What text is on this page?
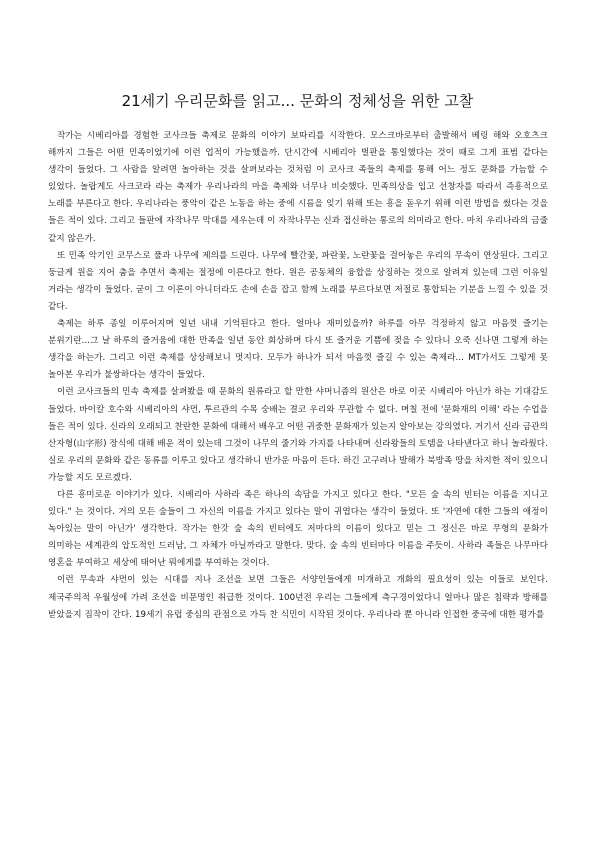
21세기 우리문화를 읽고... 문화의 정체성을 위한 고찰

작가는 시베리아를 경험한 코사크들 축제로 문화의 이야기 보따리를 시작한다. 모스크바로부터 출발해서 베링 해와 오호츠크 해까지 그들은 어떤 민족이었기에 이런 업적이 가능했을까. 단시간에 시베리아 벌판을 통일했다는 것이 때로 그게 표범 같다는 생각이 들었다. 그 사람을 알려면 놀아하는 것을 살펴보라는 것처럼 이 코사크 족들의 축제를 통해 어느 정도 문화를 가늠할 수 있었다. 놀랍게도 사크코라 라는 축제가 우리나라의 마을 축제와 너무나 비슷했다. 민족의상을 입고 선창자를 따라서 즉흥적으로 노래를 부른다고 한다. 우리나라는 풍악이 같은 노동을 하는 중에 시름을 잊기 위해 또는 흥을 돋우기 위해 이런 방법을 썼다는 것을 들은 적이 있다. 그리고 들판에 자작나무 막대를 세우는데 이 자작나무는 신과 접신하는 통로의 의미라고 한다. 마치 우리나라의 금줄 같지 않은가.

또 민족 악기인 코무스로 풀과 나무에 제의를 드린다. 나무에 빨간꽃, 파란꽃, 노란꽃을 걸어놓은 우리의 무속이 연상된다. 그리고 둥글게 원을 지어 춤을 추면서 축제는 절정에 이른다고 한다. 원은 공동체의 융합을 상징하는 것으로 알려져 있는데 그런 이유일 거라는 생각이 들었다. 굳이 그 이론이 아니더라도 손에 손을 잡고 함께 노래를 부르다보면 저절로 통합되는 기분을 느낄 수 있을 것 같다.

축제는 하루 종일 이루어지며 일년 내내 기억된다고 한다. 얼마나 재미있을까? 하루를 아무 걱정하지 않고 마음껏 즐기는 분위기란...그 날 하루의 즐거움에 대한 만족을 일년 동안 회상하며 다시 또 즐거운 기쁨에 젖을 수 있다니 오죽 신나면 그렇게 하는 생각을 하는가. 그리고 이런 축제를 상상해보니 멋지다. 모두가 하나가 되서 마음껏 즐길 수 있는 축제라... MT가서도 그렇게 못 놀아본 우리가 불쌍하다는 생각이 들었다.

이런 코사크들의 민속 축제를 살펴봤을 때 문화의 원류라고 할 만한 샤머니즘의 원산은 바로 이곳 시베리아 아닌가 하는 기대감도 들었다. 바이칼 호수와 시베리아의 샤먼, 투르관의 수목 숭배는 결코 우리와 무관할 수 없다. 며칠 전에 '문화재의 이해' 라는 수업을 들은 적이 있다. 신라의 오래되고 찬란한 문화에 대해서 배우고 어떤 귀중한 문화재가 있는지 알아보는 강의였다. 거기서 신라 금관의 산자형(山字形) 장식에 대해 배운 적이 있는데 그것이 나무의 줄기와 가지를 나타내며 신라왕들의 토템을 나타낸다고 하니 놀라웠다. 실로 우리의 문화와 같은 동류를 이루고 있다고 생각하니 반가운 마음이 든다. 하긴 고구려나 발해가 북방족 땅을 차지한 적이 있으니 가능할 지도 모르겠다.

다른 흥미로운 이야기가 있다. 시베리아 사하라 족은 하나의 속담을 가지고 있다고 한다. "모든 숲 속의 빈터는 이름을 지니고 있다." 는 것이다. 거의 모든 숲들이 그 자신의 이름을 가지고 있다는 말이 귀엽다는 생각이 들었다. 또 '자연에 대한 그들의 애정이 녹아있는 말이 아닌가' 생각한다. 작가는 한갓 숲 속의 빈터에도 저마다의 이름이 있다고 믿는 그 정신은 바로 무형의 문화가 의미하는 세계관의 압도적인 드러남, 그 자체가 아닐까라고 말한다. 맞다. 숲 속의 빈터마다 이름을 주듯이. 사하라 족들은 나무마다 영혼을 부여하고 세상에 태어난 뭐에게를 부여하는 것이다.

이런 무속과 샤먼이 있는 시대를 지나 조선을 보면 그들은 서양인들에게 미개하고 개화의 필요성이 있는 이들로 보인다. 제국주의적 우월성에 가려 조선을 비문명인 취급한 것이다. 100년전 우리는 그들에게 측구경이었다니 얼마나 많은 침략과 방해를 받았을지 짐작이 간다. 19세기 유럽 중심의 관점으로 가득 찬 식민이 시작된 것이다. 우리나라 뿐 아니라 인접한 중국에 대한 평가를
